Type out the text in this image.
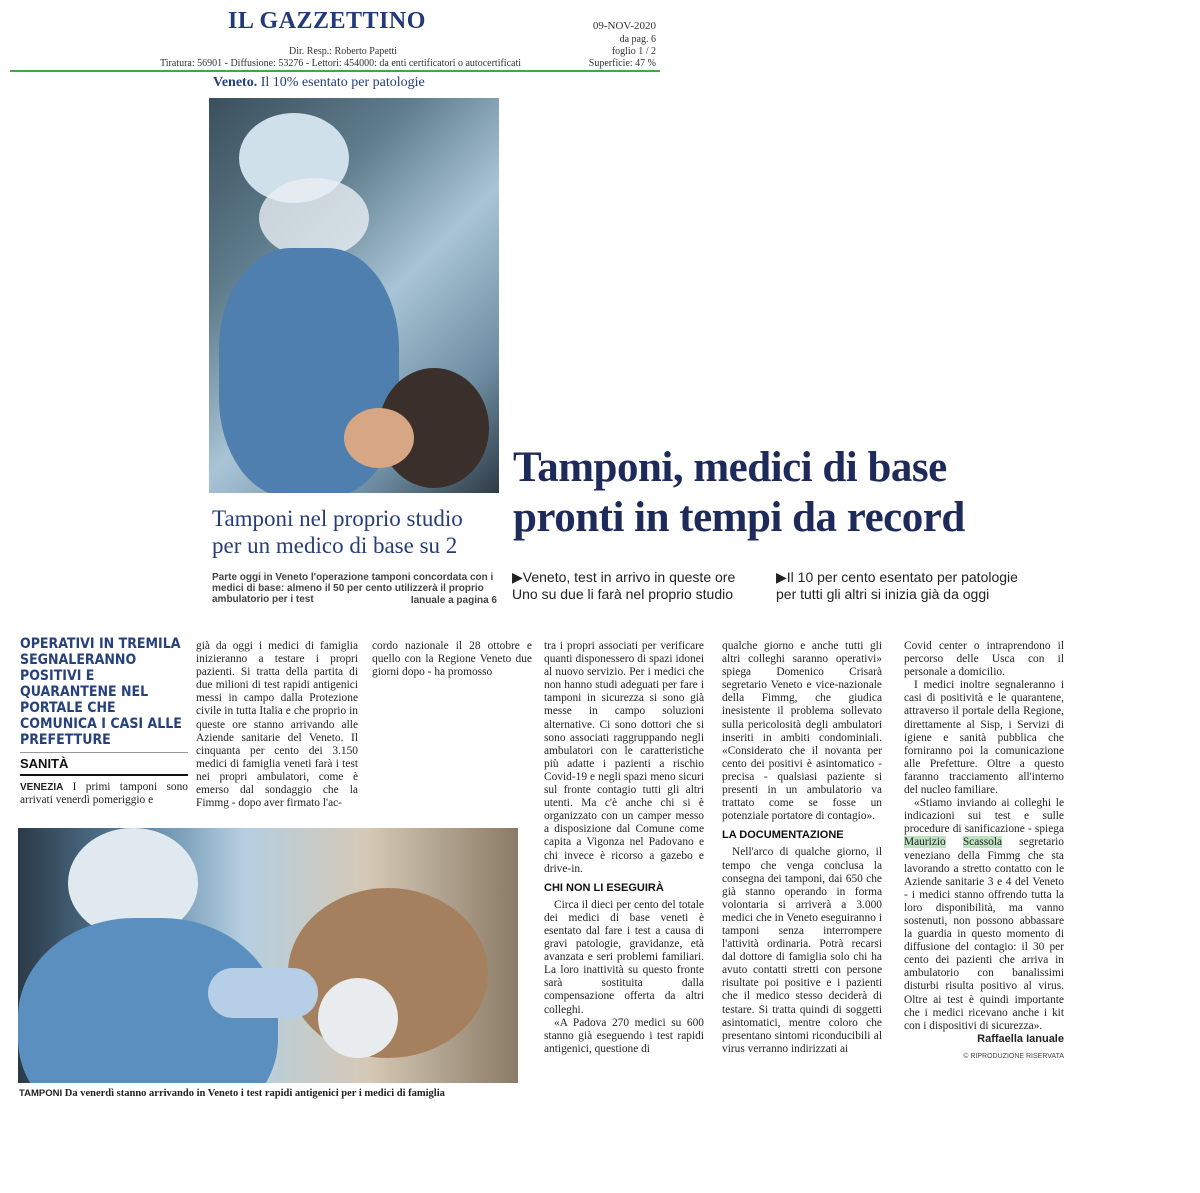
IL GAZZETTINO
Dir. Resp.: Roberto Papetti
Tiratura: 56901 - Diffusione: 53276 - Lettori: 454000: da enti certificatori o autocertificati
09-NOV-2020
da pag. 6
foglio 1 / 2
Superficie: 47 %
Veneto. Il 10% esentato per patologie
Tamponi nel proprio studio
per un medico di base su 2
Parte oggi in Veneto l'operazione tamponi concordata con i medici di base: almeno il 50 per cento utilizzerà il proprio ambulatorio per i test	Ianuale a pagina 6
Tamponi, medici di base
pronti in tempi da record
▶Veneto, test in arrivo in queste ore
Uno su due li farà nel proprio studio
▶Il 10 per cento esentato per patologie
per tutti gli altri si inizia già da oggi
OPERATIVI IN TREMILA SEGNALERANNO POSITIVI E QUARANTENE NEL PORTALE CHE COMUNICA I CASI ALLE PREFETTURE
SANITÀ

VENEZIA I primi tamponi sono arrivati venerdì pomeriggio e

già da oggi i medici di famiglia inizieranno a testare i propri pazienti. Si tratta della partita di due milioni di test rapidi antigenici messi in campo dalla Protezione civile in tutta Italia e che proprio in queste ore stanno arrivando alle Aziende sanitarie del Veneto. Il cinquanta per cento dei 3.150 medici di famiglia veneti farà i test nei propri ambulatori, come è emerso dal sondaggio che la Fimmg - dopo aver firmato l'ac-

cordo nazionale il 28 ottobre e quello con la Regione Veneto due giorni dopo - ha promosso

TAMPONI Da venerdì stanno arrivando in Veneto i test rapidi antigenici per i medici di famiglia

tra i propri associati per verificare quanti disponessero di spazi idonei al nuovo servizio. Per i medici che non hanno studi adeguati per fare i tamponi in sicurezza si sono già messe in campo soluzioni alternative. Ci sono dottori che si sono associati raggruppando negli ambulatori con le caratteristiche più adatte i pazienti a rischio Covid-19 e negli spazi meno sicuri sul fronte contagio tutti gli altri utenti. Ma c'è anche chi si è organizzato con un camper messo a disposizione dal Comune come capita a Vigonza nel Padovano e chi invece è ricorso a gazebo e drive-in.

CHI NON LI ESEGUIRÀ

Circa il dieci per cento del totale dei medici di base veneti è esentato dal fare i test a causa di gravi patologie, gravidanze, età avanzata e seri problemi familiari. La loro inattività su questo fronte sarà sostituita dalla compensazione offerta da altri colleghi.

«A Padova 270 medici su 600 stanno già eseguendo i test rapidi antigenici, questione di

qualche giorno e anche tutti gli altri colleghi saranno operativi» spiega Domenico Crisarà segretario Veneto e vice-nazionale della Fimmg, che giudica inesistente il problema sollevato sulla pericolosità degli ambulatori inseriti in ambiti condominiali. «Considerato che il novanta per cento dei positivi è asintomatico - precisa - qualsiasi paziente si presenti in un ambulatorio va trattato come se fosse un potenziale portatore di contagio».

LA DOCUMENTAZIONE

Nell'arco di qualche giorno, il tempo che venga conclusa la consegna dei tamponi, dai 650 che già stanno operando in forma volontaria si arriverà a 3.000 medici che in Veneto eseguiranno i tamponi senza interrompere l'attività ordinaria. Potrà recarsi dal dottore di famiglia solo chi ha avuto contatti stretti con persone risultate poi positive e i pazienti che il medico stesso deciderà di testare. Si tratta quindi di soggetti asintomatici, mentre coloro che presentano sintomi riconducibili al virus verranno indirizzati ai

Covid center o intraprendono il percorso delle Usca con il personale a domicilio.

I medici inoltre segnaleranno i casi di positività e le quarantene, attraverso il portale della Regione, direttamente al Sisp, i Servizi di igiene e sanità pubblica che forniranno poi la comunicazione alle Prefetture. Oltre a questo faranno tracciamento all'interno del nucleo familiare.

«Stiamo inviando ai colleghi le indicazioni sui test e sulle procedure di sanificazione - spiega Maurizio Scassola segretario veneziano della Fimmg che sta lavorando a stretto contatto con le Aziende sanitarie 3 e 4 del Veneto - i medici stanno offrendo tutta la loro disponibilità, ma vanno sostenuti, non possono abbassare la guardia in questo momento di diffusione del contagio: il 30 per cento dei pazienti che arriva in ambulatorio con banalissimi disturbi risulta positivo al virus. Oltre ai test è quindi importante che i medici ricevano anche i kit con i dispositivi di sicurezza».

Raffaella Ianuale
© RIPRODUZIONE RISERVATA
